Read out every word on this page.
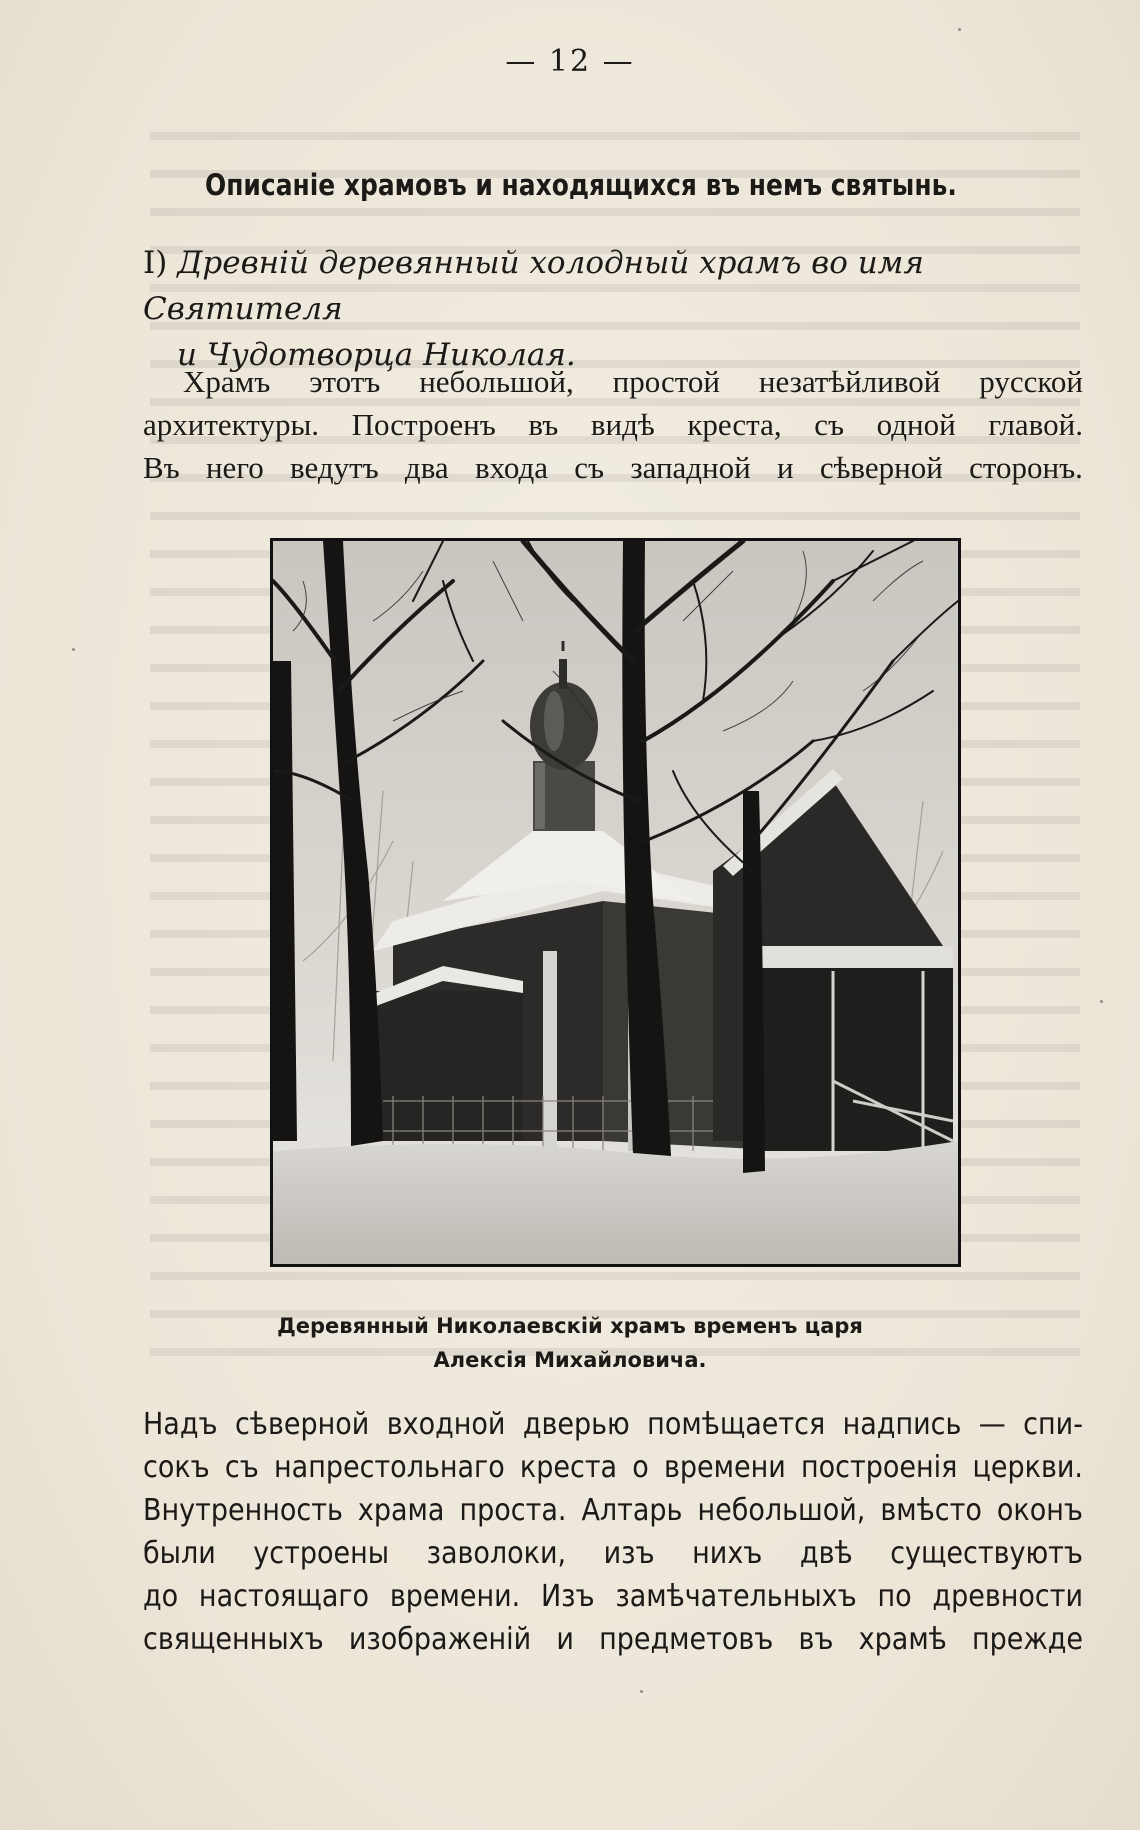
— 12 —
Описаніе храмовъ и находящихся въ немъ святынь.
I) Древній деревянный холодный храмъ во имя Святителя
и Чудотворца Николая.
Храмъ этотъ небольшой, простой незатѣйливой русской
архитектуры. Построенъ въ видѣ креста, съ одной главой.
Въ него ведутъ два входа съ западной и сѣверной сторонъ.
Деревянный Николаевскій храмъ временъ царя
Алексія Михайловича.
Надъ сѣверной входной дверью помѣщается надпись — спи-
сокъ съ напрестольнаго креста о времени построенія церкви.
Внутренность храма проста. Алтарь небольшой, вмѣсто оконъ
были устроены заволоки, изъ нихъ двѣ существуютъ
до настоящаго времени. Изъ замѣчательныхъ по древности
священныхъ изображеній и предметовъ въ храмѣ прежде
